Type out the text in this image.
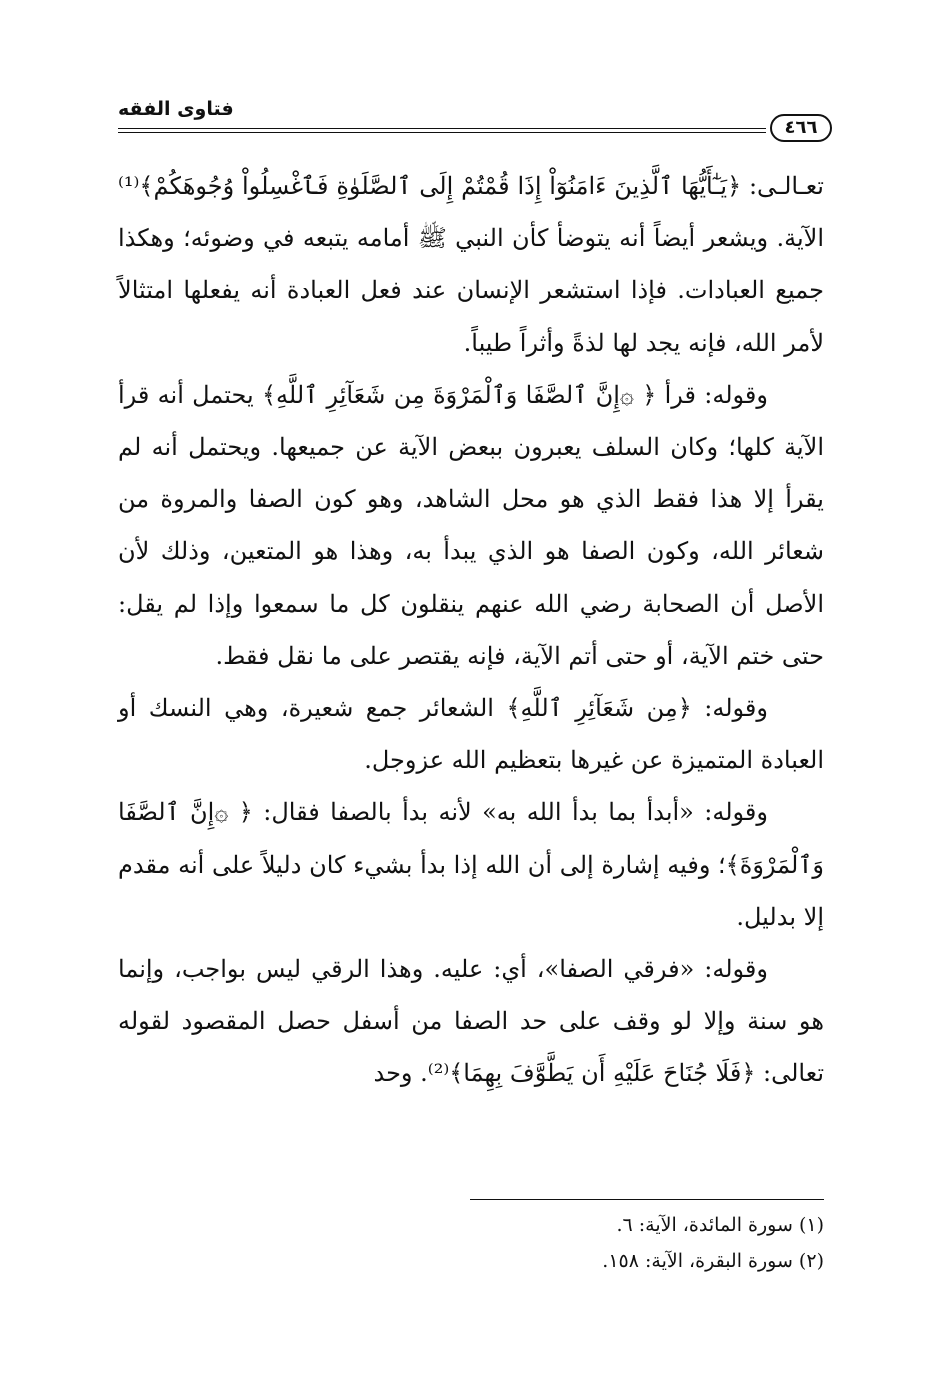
فتاوى الفقه
٤٦٦

تعـالـى: ﴿يَـٰٓأَيُّهَا ٱلَّذِينَ ءَامَنُوٓاْ إِذَا قُمْتُمْ إِلَى ٱلصَّلَوٰةِ فَٱغْسِلُواْ وُجُوهَكُمْ﴾⁽¹⁾ الآية. ويشعر أيضاً أنه يتوضأ كأن النبي ﷺ أمامه يتبعه في وضوئه؛ وهكذا جميع العبادات. فإذا استشعر الإنسان عند فعل العبادة أنه يفعلها امتثالاً لأمر الله، فإنه يجد لها لذةً وأثراً طيباً.

وقوله: قرأ ﴿ ۞إِنَّ ٱلصَّفَا وَٱلْمَرْوَةَ مِن شَعَآئِرِ ٱللَّهِ﴾ يحتمل أنه قرأ الآية كلها؛ وكان السلف يعبرون ببعض الآية عن جميعها. ويحتمل أنه لم يقرأ إلا هذا فقط الذي هو محل الشاهد، وهو كون الصفا والمروة من شعائر الله، وكون الصفا هو الذي يبدأ به، وهذا هو المتعين، وذلك لأن الأصل أن الصحابة رضي الله عنهم ينقلون كل ما سمعوا وإذا لم يقل: حتى ختم الآية، أو حتى أتم الآية، فإنه يقتصر على ما نقل فقط.

وقوله: ﴿مِن شَعَآئِرِ ٱللَّهِ﴾ الشعائر جمع شعيرة، وهي النسك أو العبادة المتميزة عن غيرها بتعظيم الله عزوجل.

وقوله: «أبدأ بما بدأ الله به» لأنه بدأ بالصفا فقال: ﴿ ۞إِنَّ ٱلصَّفَا وَٱلْمَرْوَةَ﴾؛ وفيه إشارة إلى أن الله إذا بدأ بشيء كان دليلاً على أنه مقدم إلا بدليل.

وقوله: «فرقي الصفا»، أي: عليه. وهذا الرقي ليس بواجب، وإنما هو سنة وإلا لو وقف على حد الصفا من أسفل حصل المقصود لقوله تعالى: ﴿فَلَا جُنَاحَ عَلَيْهِ أَن يَطَّوَّفَ بِهِمَا﴾⁽²⁾. وحد

(١) سورة المائدة، الآية: ٦.

(٢) سورة البقرة، الآية: ١٥٨.
